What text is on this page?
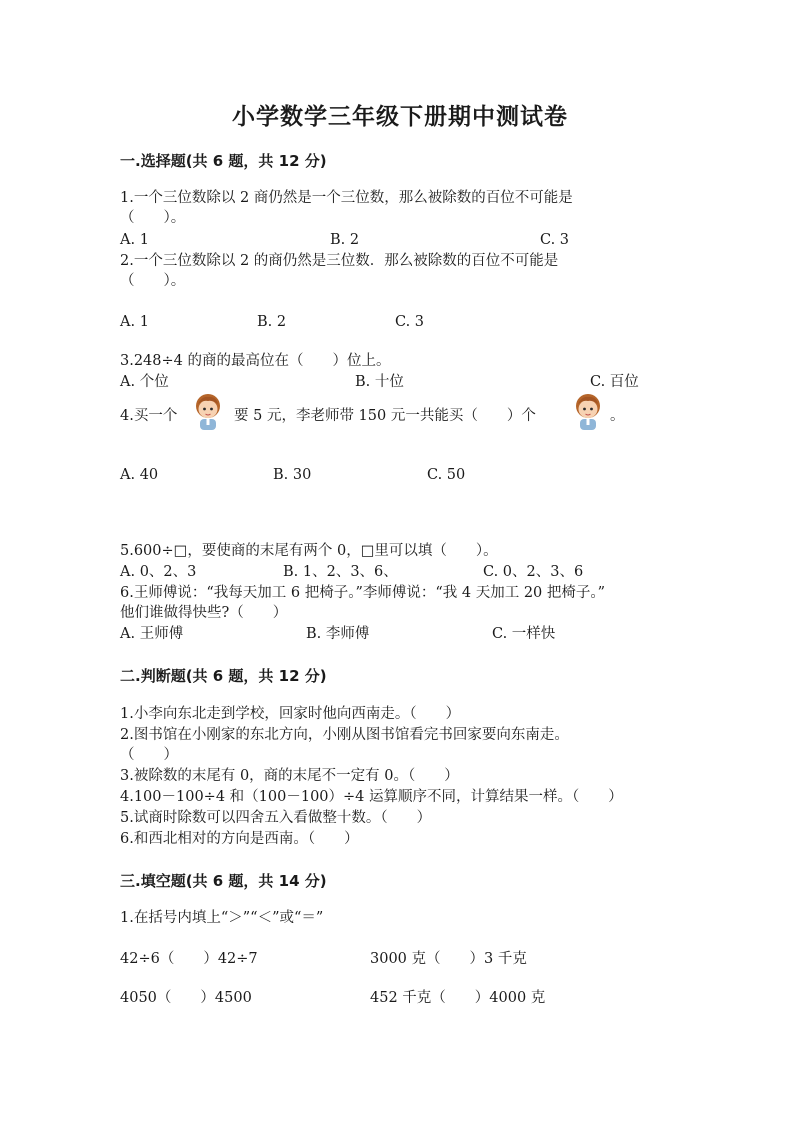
小学数学三年级下册期中测试卷
一.选择题(共 6 题，共 12 分)
1.一个三位数除以 2 商仍然是一个三位数，那么被除数的百位不可能是
（　　）。
A. 1	B. 2	C. 3
2.一个三位数除以 2 的商仍然是三位数．那么被除数的百位不可能是
（　　）。
A. 1	B. 2	C. 3
3.248÷4 的商的最高位在（　　）位上。
A. 个位	B. 十位	C. 百位
4.买一个	要 5 元，李老师带 150 元一共能买（　　）个	。
A. 40	B. 30	C. 50
5.600÷□，要使商的末尾有两个 0，□里可以填（　　）。
A. 0、2、3	B. 1、2、3、6、	C. 0、2、3、6
6.王师傅说：“我每天加工 6 把椅子。”李师傅说：“我 4 天加工 20 把椅子。”
他们谁做得快些?（　　）
A. 王师傅	B. 李师傅	C. 一样快
二.判断题(共 6 题，共 12 分)
1.小李向东北走到学校，回家时他向西南走。（　　）
2.图书馆在小刚家的东北方向，小刚从图书馆看完书回家要向东南走。
（　　）
3.被除数的末尾有 0，商的末尾不一定有 0。（　　）
4.100－100÷4 和（100－100）÷4 运算顺序不同，计算结果一样。（　　）
5.试商时除数可以四舍五入看做整十数。（　　）
6.和西北相对的方向是西南。（　　）
三.填空题(共 6 题，共 14 分)
1.在括号内填上“＞”“＜”或“＝”
42÷6（　　）42÷7	3000 克（　　）3 千克
4050（　　）4500	452 千克（　　）4000 克
